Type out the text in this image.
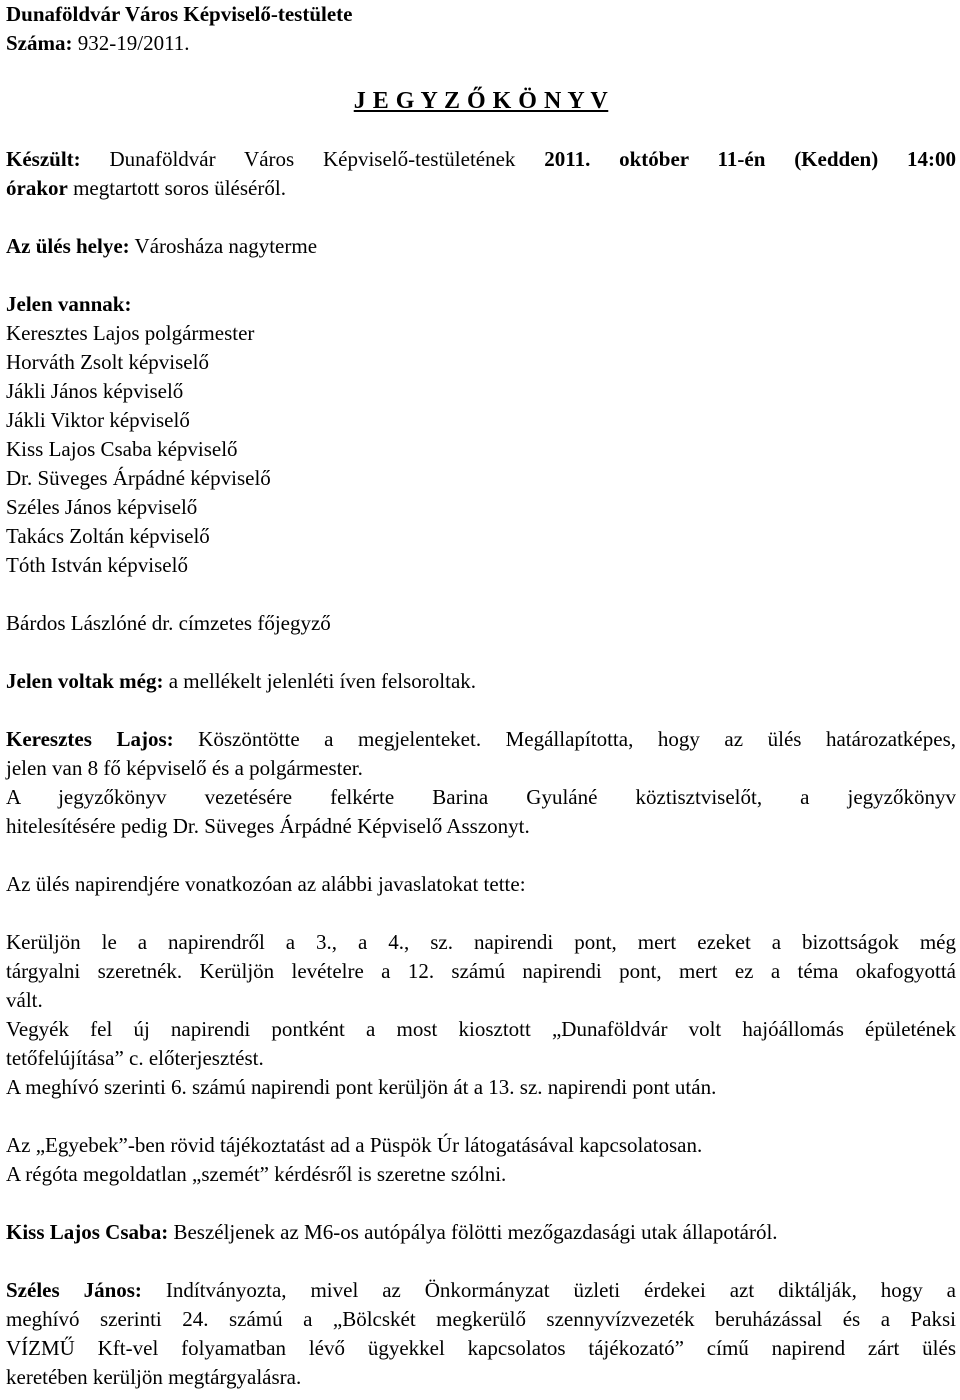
Dunaföldvár Város Képviselő-testülete
Száma: 932-19/2011.
J E G Y Z Ő K Ö N Y V
Készült: Dunaföldvár Város Képviselő-testületének 2011. október 11-én (Kedden) 14:00
órakor megtartott soros üléséről.
Az ülés helye: Városháza nagyterme
Jelen vannak:
Keresztes Lajos polgármester
Horváth Zsolt képviselő
Jákli János képviselő
Jákli Viktor képviselő
Kiss Lajos Csaba képviselő
Dr. Süveges Árpádné képviselő
Széles János képviselő
Takács Zoltán képviselő
Tóth István képviselő
Bárdos Lászlóné dr. címzetes főjegyző
Jelen voltak még: a mellékelt jelenléti íven felsoroltak.
Keresztes Lajos: Köszöntötte a megjelenteket. Megállapította, hogy az ülés határozatképes,
jelen van 8 fő képviselő és a polgármester.
A jegyzőkönyv vezetésére felkérte Barina Gyuláné köztisztviselőt, a jegyzőkönyv
hitelesítésére pedig Dr. Süveges Árpádné Képviselő Asszonyt.
Az ülés napirendjére vonatkozóan az alábbi javaslatokat tette:
Kerüljön le a napirendről a 3., a 4., sz. napirendi pont, mert ezeket a bizottságok még
tárgyalni szeretnék. Kerüljön levételre a 12. számú napirendi pont, mert ez a téma okafogyottá
vált.
Vegyék fel új napirendi pontként a most kiosztott „Dunaföldvár volt hajóállomás épületének
tetőfelújítása” c. előterjesztést.
A meghívó szerinti 6. számú napirendi pont kerüljön át a 13. sz. napirendi pont után.
Az „Egyebek”-ben rövid tájékoztatást ad a Püspök Úr látogatásával kapcsolatosan.
A régóta megoldatlan „szemét” kérdésről is szeretne szólni.
Kiss Lajos Csaba: Beszéljenek az M6-os autópálya fölötti mezőgazdasági utak állapotáról.
Széles János: Indítványozta, mivel az Önkormányzat üzleti érdekei azt diktálják, hogy a
meghívó szerinti 24. számú a „Bölcskét megkerülő szennyvízvezeték beruházással és a Paksi
VÍZMŰ Kft-vel folyamatban lévő ügyekkel kapcsolatos tájékozató” című napirend zárt ülés
keretében kerüljön megtárgyalásra.
